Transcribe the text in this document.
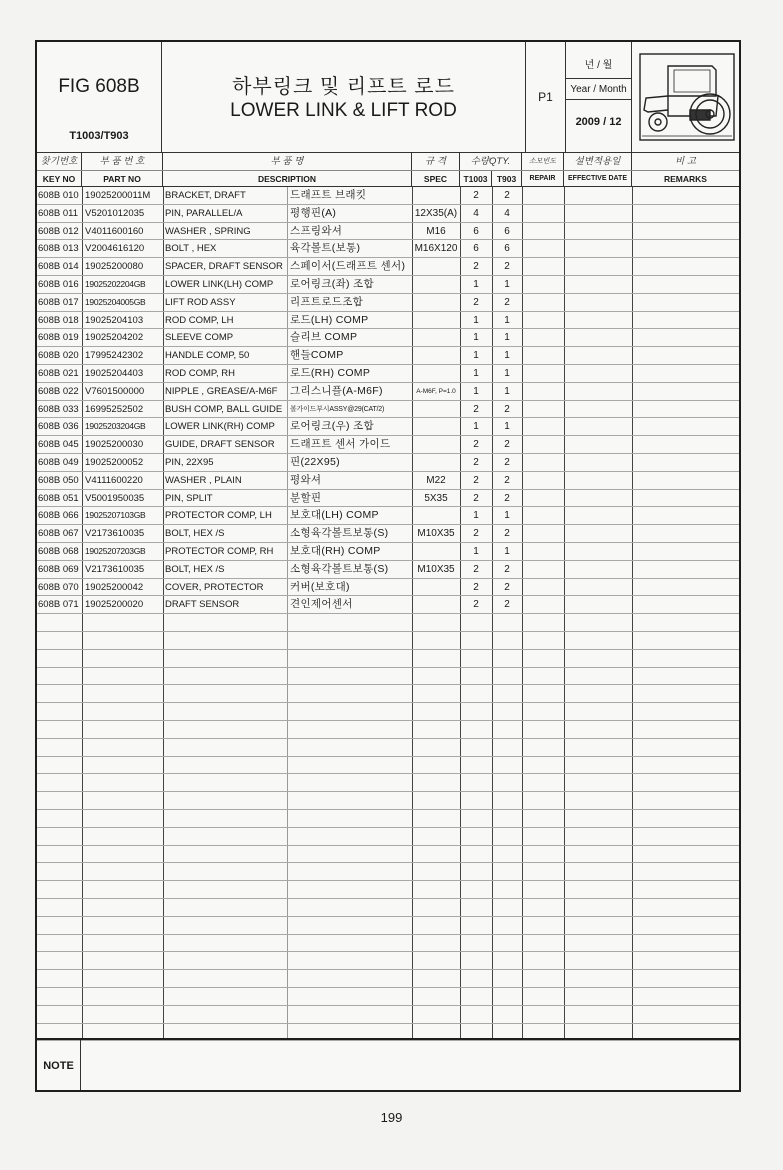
FIG 608B
T1003/T903
하부링크 및 리프트 로드
LOWER LINK & LIFT ROD
P1
년 / 월
Year / Month
2009 / 12
찾기번호	부 품 번 호	부 품 명	규 격	수량QTY.	소모빈도	설변적용일	비 고
KEY NO	PART NO	DESCRIPTION	SPEC	T1003	T903	REPAIR	EFFECTIVE DATE	REMARKS
608B 010 19025200011M	BRACKET, DRAFT	드래프트 브래킷	2	2
608B 011 V5201012035	PIN, PARALLEL/A	평행핀(A)	12X35(A)	4	4
608B 012 V4011600160	WASHER , SPRING	스프링와셔	M16	6	6
608B 013 V2004616120	BOLT , HEX	육각볼트(보통)	M16X120	6	6
608B 014 19025200080	SPACER, DRAFT SENSOR 스페이서(드래프트 센서)	2	2
608B 016 19025202204GB	LOWER LINK(LH) COMP	로어링크(좌) 조합	1	1
608B 017 19025204005GB	LIFT ROD ASSY	리프트로드조합	2	2
608B 018 19025204103	ROD COMP, LH	로드(LH) COMP	1	1
608B 019 19025204202	SLEEVE COMP	슬리브 COMP	1	1
608B 020 17995242302	HANDLE COMP, 50	핸들COMP	1	1
608B 021 19025204403	ROD COMP, RH	로드(RH) COMP	1	1
608B 022 V7601500000	NIPPLE , GREASE/A-M6F	그리스니플(A-M6F)	A-M6F, P=1.0	1	1
608B 033 16995252502	BUSH COMP, BALL GUIDE	볼가이드부시ASSY@29(CAT/2)	2	2
608B 036 19025203204GB	LOWER LINK(RH) COMP	로어링크(우) 조합	1	1
608B 045 19025200030	GUIDE, DRAFT SENSOR	드래프트 센서 가이드	2	2
608B 049 19025200052	PIN, 22X95	핀(22X95)	2	2
608B 050 V4111600220	WASHER , PLAIN	평와셔	M22	2	2
608B 051 V5001950035	PIN, SPLIT	분할핀	5X35	2	2
608B 066 19025207103GB	PROTECTOR COMP, LH	보호대(LH) COMP	1	1
608B 067 V2173610035	BOLT, HEX /S	소형육각볼트보통(S)	M10X35	2	2
608B 068 19025207203GB	PROTECTOR COMP, RH	보호대(RH) COMP	1	1
608B 069 V2173610035	BOLT, HEX /S	소형육각볼트보통(S)	M10X35	2	2
608B 070 19025200042	COVER, PROTECTOR	커버(보호대)	2	2
608B 071 19025200020	DRAFT SENSOR	견인제어센서	2	2
NOTE
199
